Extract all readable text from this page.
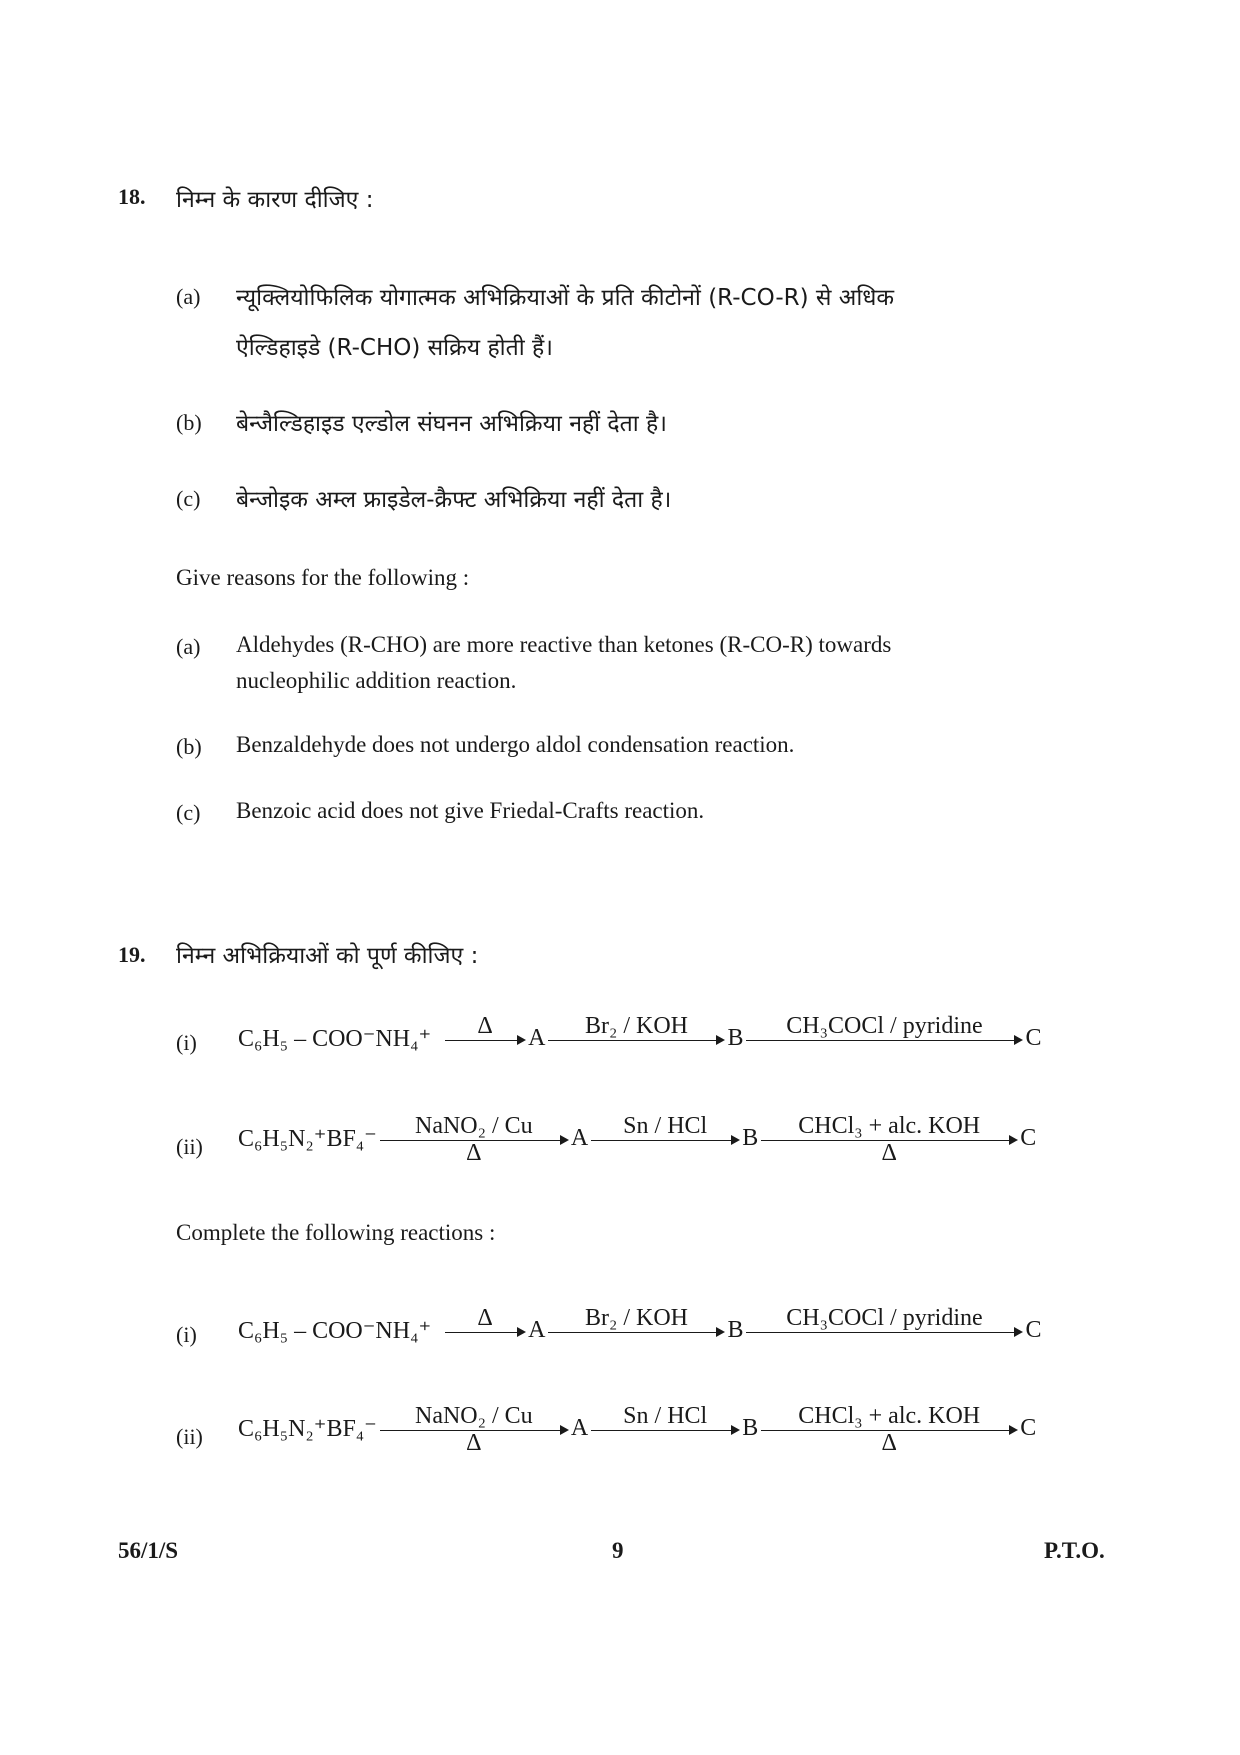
18. निम्न के कारण दीजिए :
(a) न्यूक्लियोफिलिक योगात्मक अभिक्रियाओं के प्रति कीटोनों (R-CO-R) से अधिक
ऐल्डिहाइडे (R-CHO) सक्रिय होती हैं।
(b) बेन्जैल्डिहाइड एल्डोल संघनन अभिक्रिया नहीं देता है।
(c) बेन्जोइक अम्ल फ्राइडेल-क्रैफ्ट अभिक्रिया नहीं देता है।
Give reasons for the following :
(a) Aldehydes (R-CHO) are more reactive than ketones (R-CO-R) towards
nucleophilic addition reaction.
(b) Benzaldehyde does not undergo aldol condensation reaction.
(c) Benzoic acid does not give Friedal-Crafts reaction.
19. निम्न अभिक्रियाओं को पूर्ण कीजिए :
(i) C₆H₅ – COO⁻NH₄⁺	Δ	A	Br₂ / KOH	B	CH₃COCl / pyridine	C
(ii) C₆H₅N₂⁺BF₄⁻	NaNO₂ / Cu
Δ
A	Sn / HCl	B	CHCl₃ + alc. KOH
Δ
C
Complete the following reactions :
(i) C₆H₅ – COO⁻NH₄⁺	Δ	A	Br₂ / KOH	B	CH₃COCl / pyridine	C
(ii) C₆H₅N₂⁺BF₄⁻	NaNO₂ / Cu
Δ
A	Sn / HCl	B	CHCl₃ + alc. KOH
Δ
C
56/1/S	9	P.T.O.
